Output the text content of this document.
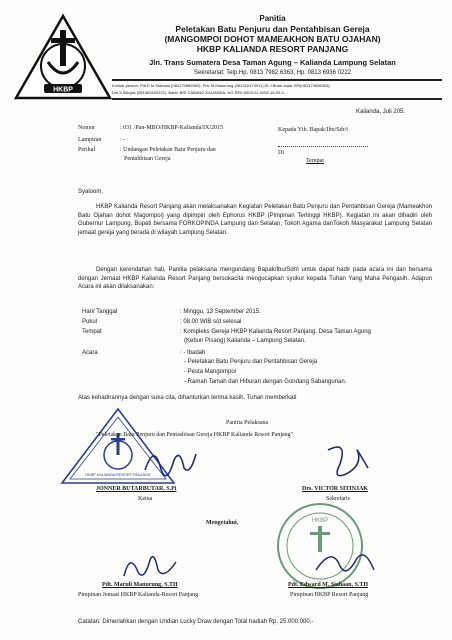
HKBP
Panitia
Peletakan Batu Penjuru dan Pentahbisan Gereja
(MANGOMPOI DOHOT MAMEAKHON BATU OJAHAN)
HKBP KALIANDA RESORT PANJANG
Jln. Trans Sumatera Desa Taman Agung – Kalianda Lampung Selatan
Sekretariat: Telp.Hp. 0813 7982 6363, Hp. 0813 6936 0222
Kontak person: Pdt.E.M.Siahaan (081270689962); Pdt. M.Manurung (081310174011);St.J.Butar-butar SPi(081379826363);
Drs.V.Sitinjak (081369160222). Bank: BRI CABANG KALIANDA, NO REK:0503-01-0052-16-53-1.
Kalianda, Juli 205.
Nomor	: 031 /Pan-MBO/HKBP-Kalianda/IX/2015
Lampiran	: -
Perihal	: Undangan Peletakan Batu Penjuru dan
Pentahbisan Gereja
Kepada Yth. Bapak/Ibu/Sdr/i
Di
Tempat
Syaloom,
HKBP Kalianda Resort Panjang akan melaksanakan Kegiatan Peletakan Batu Penjuru dan Pentahbisan Gereja (Mameakhon Batu Ojahan dohot Magompoi) yang dipimpin oleh Ephorus HKBP (Pimpinan Tertinggi HKBP). Kegiatan ini akan dihadiri oleh Gubernur Lampung, Bupati bersama FORKOPINDA Lampung dan Selatan, Tokoh Agama danTokoh Masyarakat Lampung Selatan jemaat gereja yang berada di wilayah Lampung Selatan.
Dengan kerendahan hati, Panitia pelaksana mengundang Bapak/Ibu/Sdr/i untuk dapat hadir pada acara ini dan bersama dengan Jemaat HKBP Kalianda Resort Panjang bersukacita mengucapkan syukur kepada Tuhan Yang Maha Pengasih. Adapun Acara ini akan dilaksanakan:
Hari/ Tanggal	: Minggu, 13 September 2015.
Pukul	: 08.00 WIB s/d selesai
Tempat	: Kompleks Gereja HKBP Kalianda Resort Panjang, Desa Taman Agung
(Kebun Pisang) Kalianda – Lampung Selatan.
Acara	: - Ibadah
- Peletakan Batu Penjuru dan Pentahbisan Gereja
- Pesta Mangompoi
- Ramah Tamah dan Hiburan dengan Gondang Sabangunan.
Atas kehadirannya dengan suka cita, dihanturkan terima kasih. Tuhan memberkati
HKBP KALIANDA RESORT PANJANG
Panitia Pelaksana
"Peletakan Batu Penjuru dan Pentasbisan Gereja HKBP Kalianda Resort Panjang"
JONNER BUTARBUTAR, S.Pi
Ketua
Drs. VICTOR SITINJAK
Sekretaris
Mengetahui,	HKBP
Pdt. Maruli Manurung, S.TH
Pimpinan Jemaat HKBP Kalianda-Resort Panjang
Pdt. Edward M. Siahaan, S.TH
Pimpinan HKBP Resort Panjang
Catatan: Dimeriahkan dengan Undian Lucky Draw dengan Total hadiah Rp. 25.000.000,-
